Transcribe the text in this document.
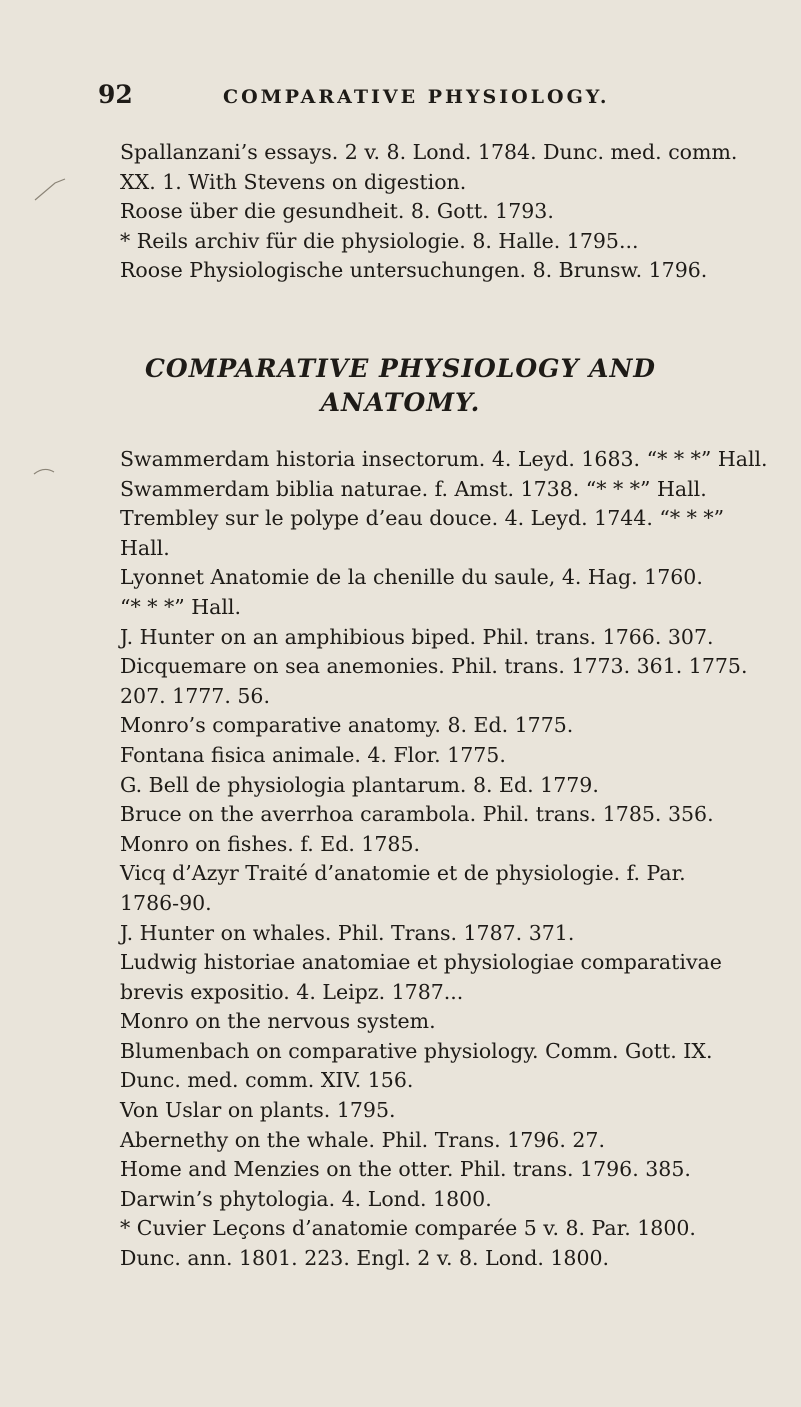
92	COMPARATIVE PHYSIOLOGY.
Spallanzani’s essays. 2 v. 8. Lond. 1784. Dunc. med. comm.
XX. 1. With Stevens on digestion.
Roose über die gesundheit. 8. Gott. 1793.
* Reils archiv für die physiologie. 8. Halle. 1795...
Roose Physiologische untersuchungen. 8. Brunsw. 1796.
COMPARATIVE PHYSIOLOGY AND
ANATOMY.
Swammerdam historia insectorum. 4. Leyd. 1683. “* * *” Hall.
Swammerdam biblia naturae. f. Amst. 1738. “* * *” Hall.
Trembley sur le polype d’eau douce. 4. Leyd. 1744. “* * *”
Hall.
Lyonnet Anatomie de la chenille du saule, 4. Hag. 1760.
“* * *” Hall.
J. Hunter on an amphibious biped. Phil. trans. 1766. 307.
Dicquemare on sea anemonies. Phil. trans. 1773. 361. 1775.
207. 1777. 56.
Monro’s comparative anatomy. 8. Ed. 1775.
Fontana fisica animale. 4. Flor. 1775.
G. Bell de physiologia plantarum. 8. Ed. 1779.
Bruce on the averrhoa carambola. Phil. trans. 1785. 356.
Monro on fishes. f. Ed. 1785.
Vicq d’Azyr Traité d’anatomie et de physiologie. f. Par.
1786-90.
J. Hunter on whales. Phil. Trans. 1787. 371.
Ludwig historiae anatomiae et physiologiae comparativae
brevis expositio. 4. Leipz. 1787...
Monro on the nervous system.
Blumenbach on comparative physiology. Comm. Gott. IX.
Dunc. med. comm. XIV. 156.
Von Uslar on plants. 1795.
Abernethy on the whale. Phil. Trans. 1796. 27.
Home and Menzies on the otter. Phil. trans. 1796. 385.
Darwin’s phytologia. 4. Lond. 1800.
* Cuvier Leçons d’anatomie comparée 5 v. 8. Par. 1800.
Dunc. ann. 1801. 223. Engl. 2 v. 8. Lond. 1800.
